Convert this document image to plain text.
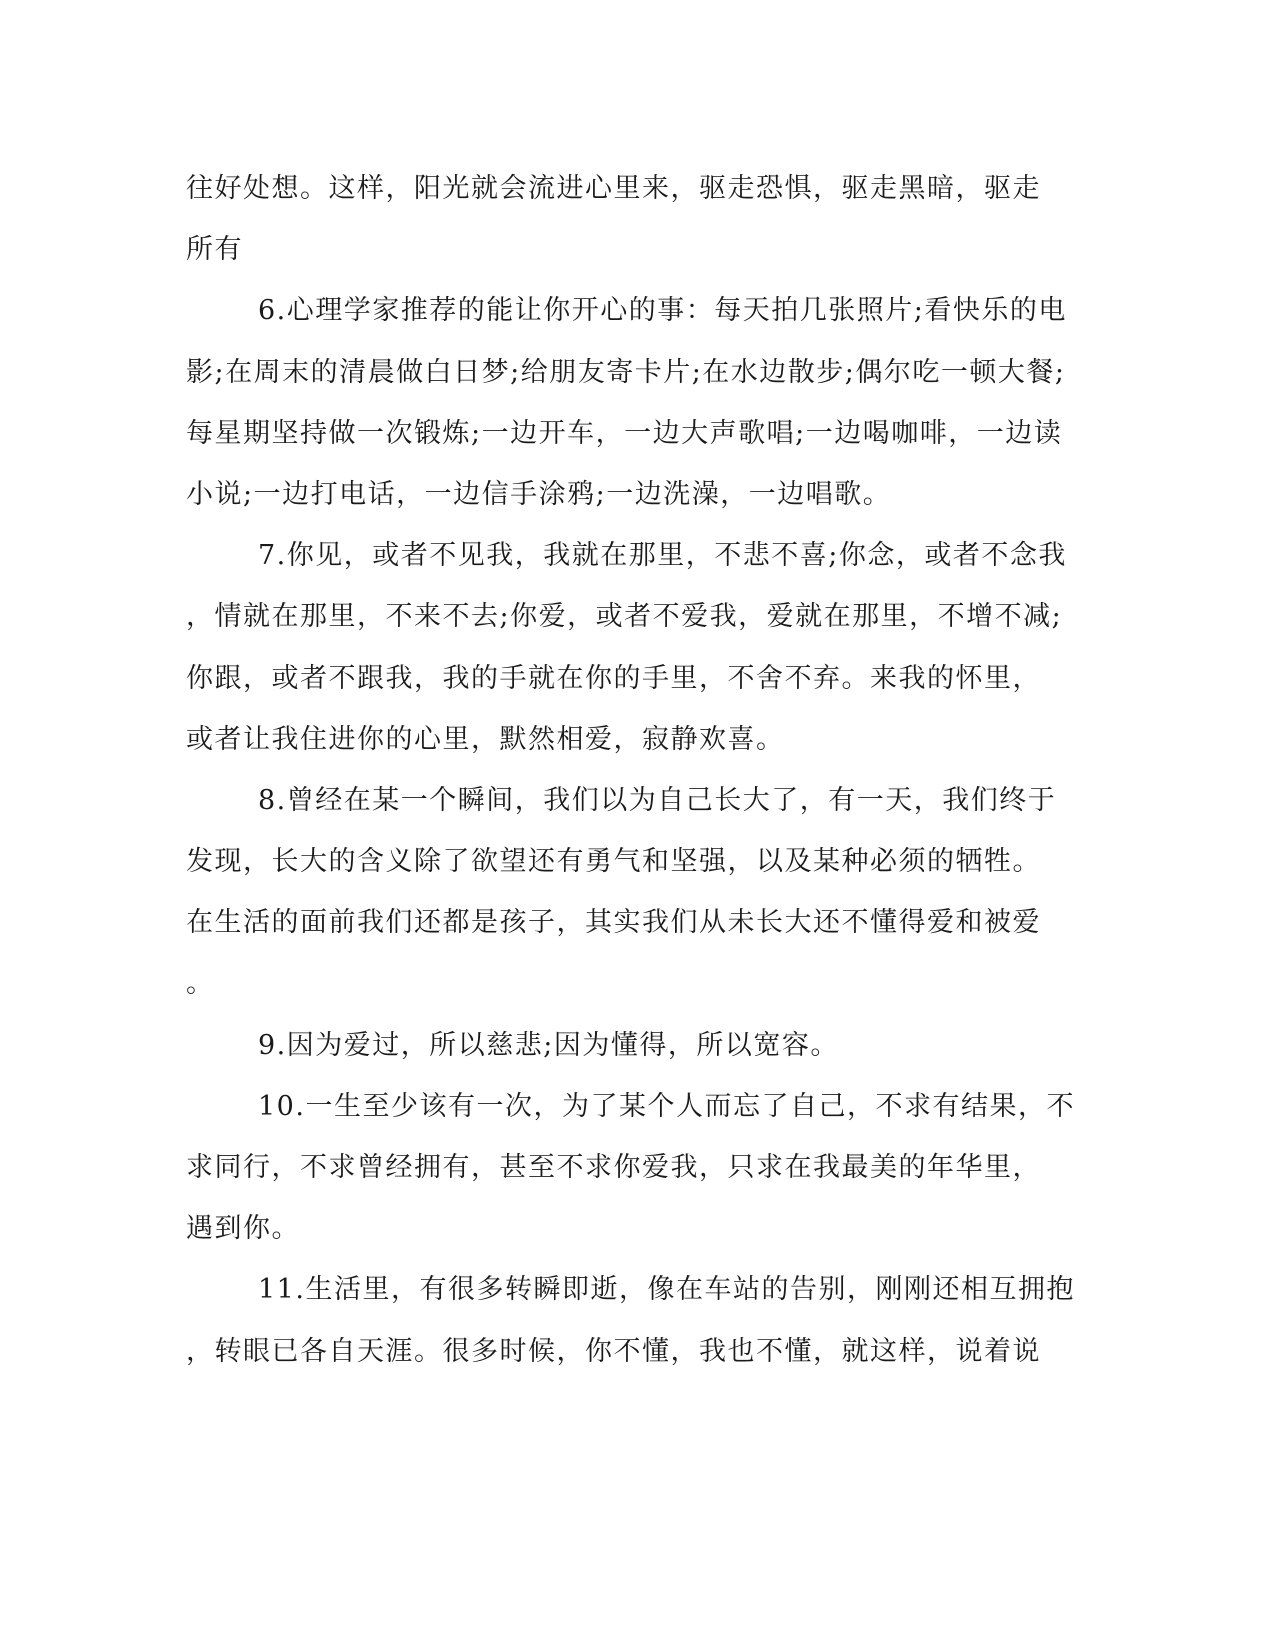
往好处想。这样，阳光就会流进心里来，驱走恐惧，驱走黑暗，驱走
所有
6.心理学家推荐的能让你开心的事：每天拍几张照片;看快乐的电
影;在周末的清晨做白日梦;给朋友寄卡片;在水边散步;偶尔吃一顿大餐;
每星期坚持做一次锻炼;一边开车，一边大声歌唱;一边喝咖啡，一边读
小说;一边打电话，一边信手涂鸦;一边洗澡，一边唱歌。
7.你见，或者不见我，我就在那里，不悲不喜;你念，或者不念我
，情就在那里，不来不去;你爱，或者不爱我，爱就在那里，不增不减;
你跟，或者不跟我，我的手就在你的手里，不舍不弃。来我的怀里，
或者让我住进你的心里，默然相爱，寂静欢喜。
8.曾经在某一个瞬间，我们以为自己长大了，有一天，我们终于
发现，长大的含义除了欲望还有勇气和坚强，以及某种必须的牺牲。
在生活的面前我们还都是孩子，其实我们从未长大还不懂得爱和被爱
。
9.因为爱过，所以慈悲;因为懂得，所以宽容。
10.一生至少该有一次，为了某个人而忘了自己，不求有结果，不
求同行，不求曾经拥有，甚至不求你爱我，只求在我最美的年华里，
遇到你。
11.生活里，有很多转瞬即逝，像在车站的告别，刚刚还相互拥抱
，转眼已各自天涯。很多时候，你不懂，我也不懂，就这样，说着说
